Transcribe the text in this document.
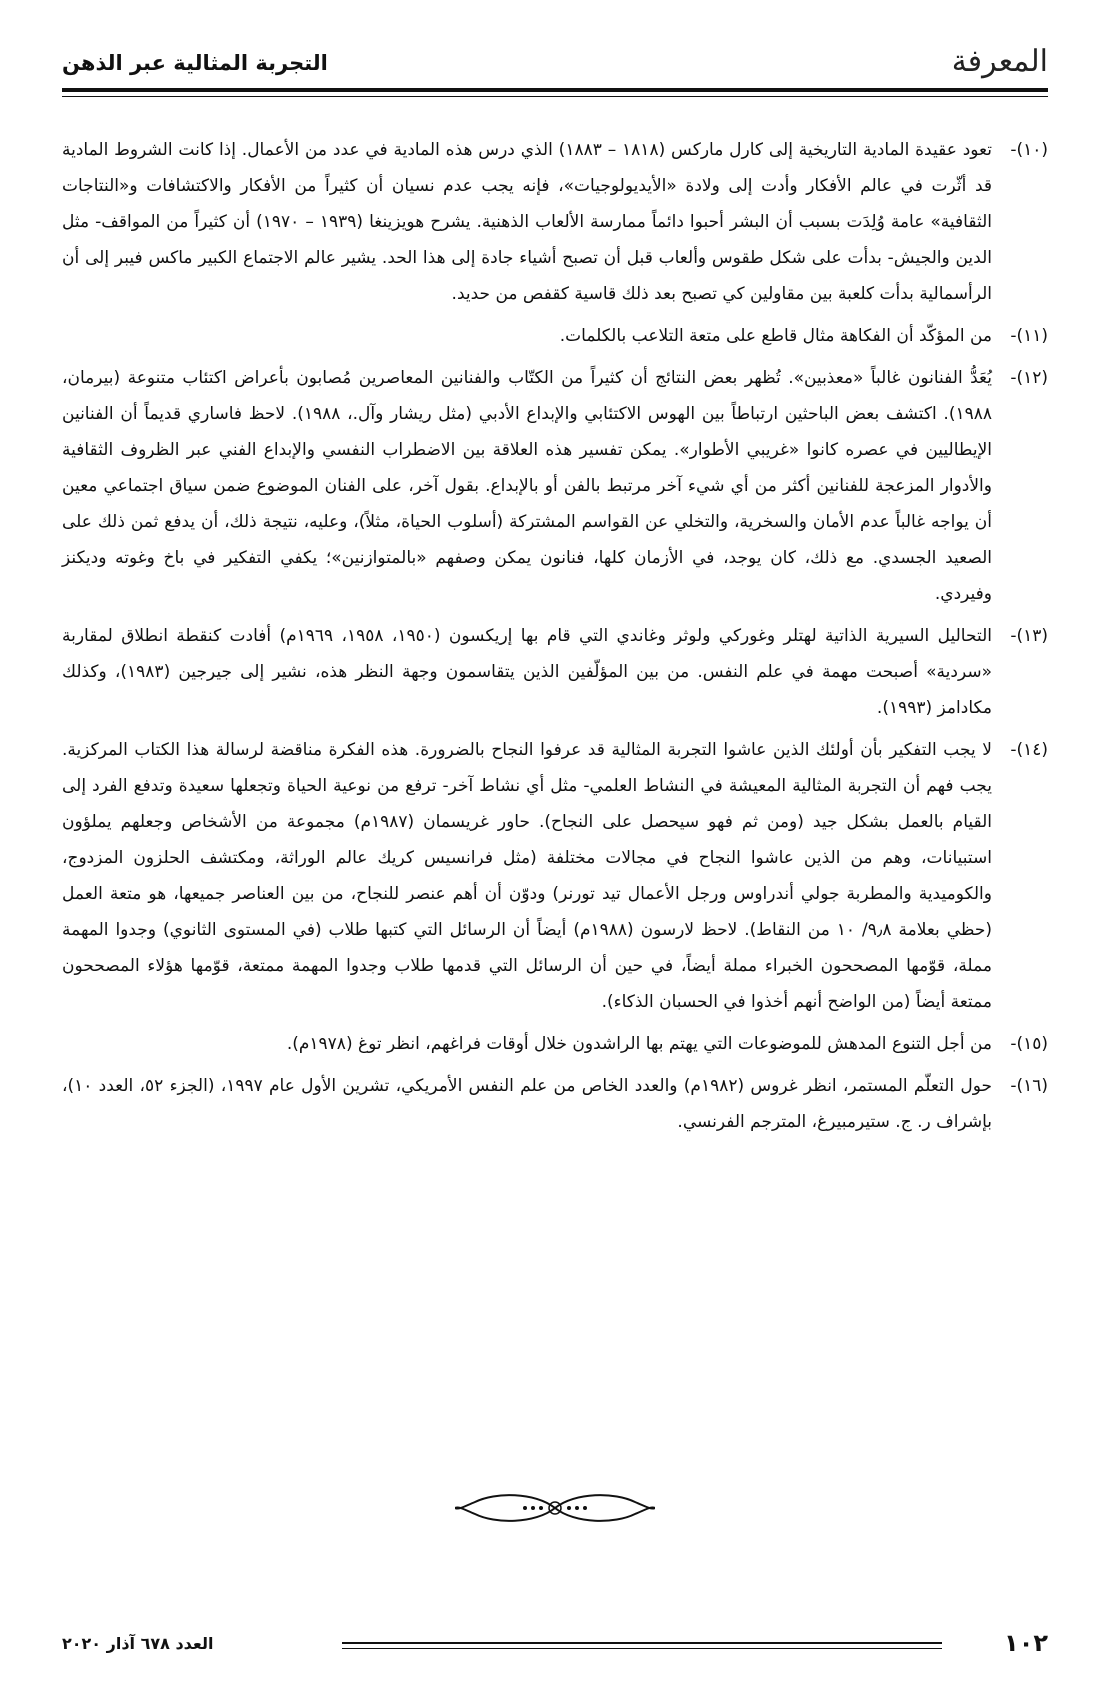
المعرفة
التجربة المثالية عبر الذهن
(١٠)-

تعود عقيدة المادية التاريخية إلى كارل ماركس (١٨١٨ – ١٨٨٣) الذي درس هذه المادية في عدد من الأعمال. إذا كانت الشروط المادية قد أثّرت في عالم الأفكار وأدت إلى ولادة «الأيديولوجيات»، فإنه يجب عدم نسيان أن كثيراً من الأفكار والاكتشافات و«النتاجات الثقافية» عامة وُلِدَت بسبب أن البشر أحبوا دائماً ممارسة الألعاب الذهنية. يشرح هويزينغا (١٩٣٩ – ١٩٧٠) أن كثيراً من المواقف- مثل الدين والجيش- بدأت على شكل طقوس وألعاب قبل أن تصبح أشياء جادة إلى هذا الحد. يشير عالم الاجتماع الكبير ماكس فيبر إلى أن الرأسمالية بدأت كلعبة بين مقاولين كي تصبح بعد ذلك قاسية كقفص من حديد.

(١١)-

من المؤكّد أن الفكاهة مثال قاطع على متعة التلاعب بالكلمات.

(١٢)-

يُعَدُّ الفنانون غالباً «معذبين». تُظهر بعض النتائج أن كثيراً من الكتّاب والفنانين المعاصرين مُصابون بأعراض اكتئاب متنوعة (بيرمان، ١٩٨٨). اكتشف بعض الباحثين ارتباطاً بين الهوس الاكتئابي والإبداع الأدبي (مثل ريشار وآل.، ١٩٨٨). لاحظ فاساري قديماً أن الفنانين الإيطاليين في عصره كانوا «غريبي الأطوار». يمكن تفسير هذه العلاقة بين الاضطراب النفسي والإبداع الفني عبر الظروف الثقافية والأدوار المزعجة للفنانين أكثر من أي شيء آخر مرتبط بالفن أو بالإبداع. بقول آخر، على الفنان الموضوع ضمن سياق اجتماعي معين أن يواجه غالباً عدم الأمان والسخرية، والتخلي عن القواسم المشتركة (أسلوب الحياة، مثلاً)، وعليه، نتيجة ذلك، أن يدفع ثمن ذلك على الصعيد الجسدي. مع ذلك، كان يوجد، في الأزمان كلها، فنانون يمكن وصفهم «بالمتوازنين»؛ يكفي التفكير في باخ وغوته وديكنز وفيردي.

(١٣)-

التحاليل السيرية الذاتية لهتلر وغوركي ولوثر وغاندي التي قام بها إريكسون (١٩٥٠، ١٩٥٨، ١٩٦٩م) أفادت كنقطة انطلاق لمقاربة «سردية» أصبحت مهمة في علم النفس. من بين المؤلّفين الذين يتقاسمون وجهة النظر هذه، نشير إلى جيرجين (١٩٨٣)، وكذلك مكادامز (١٩٩٣).

(١٤)-

لا يجب التفكير بأن أولئك الذين عاشوا التجربة المثالية قد عرفوا النجاح بالضرورة. هذه الفكرة مناقضة لرسالة هذا الكتاب المركزية. يجب فهم أن التجربة المثالية المعيشة في النشاط العلمي- مثل أي نشاط آخر- ترفع من نوعية الحياة وتجعلها سعيدة وتدفع الفرد إلى القيام بالعمل بشكل جيد (ومن ثم فهو سيحصل على النجاح). حاور غريسمان (١٩٨٧م) مجموعة من الأشخاص وجعلهم يملؤون استبيانات، وهم من الذين عاشوا النجاح في مجالات مختلفة (مثل فرانسيس كريك عالم الوراثة، ومكتشف الحلزون المزدوج، والكوميدية والمطربة جولي أندراوس ورجل الأعمال تيد تورنر) ودوّن أن أهم عنصر للنجاح، من بين العناصر جميعها، هو متعة العمل (حظي بعلامة ٩٫٨/ ١٠ من النقاط). لاحظ لارسون (١٩٨٨م) أيضاً أن الرسائل التي كتبها طلاب (في المستوى الثانوي) وجدوا المهمة مملة، قوّمها المصححون الخبراء مملة أيضاً، في حين أن الرسائل التي قدمها طلاب وجدوا المهمة ممتعة، قوّمها هؤلاء المصححون ممتعة أيضاً (من الواضح أنهم أخذوا في الحسبان الذكاء).

(١٥)-

من أجل التنوع المدهش للموضوعات التي يهتم بها الراشدون خلال أوقات فراغهم، انظر توغ (١٩٧٨م).

(١٦)-

حول التعلّم المستمر، انظر غروس (١٩٨٢م) والعدد الخاص من علم النفس الأمريكي، تشرين الأول عام ١٩٩٧، (الجزء ٥٢، العدد ١٠)، بإشراف ر. ج. ستيرمبيرغ، المترجم الفرنسي.

١٠٢
العدد ٦٧٨ آذار ٢٠٢٠
